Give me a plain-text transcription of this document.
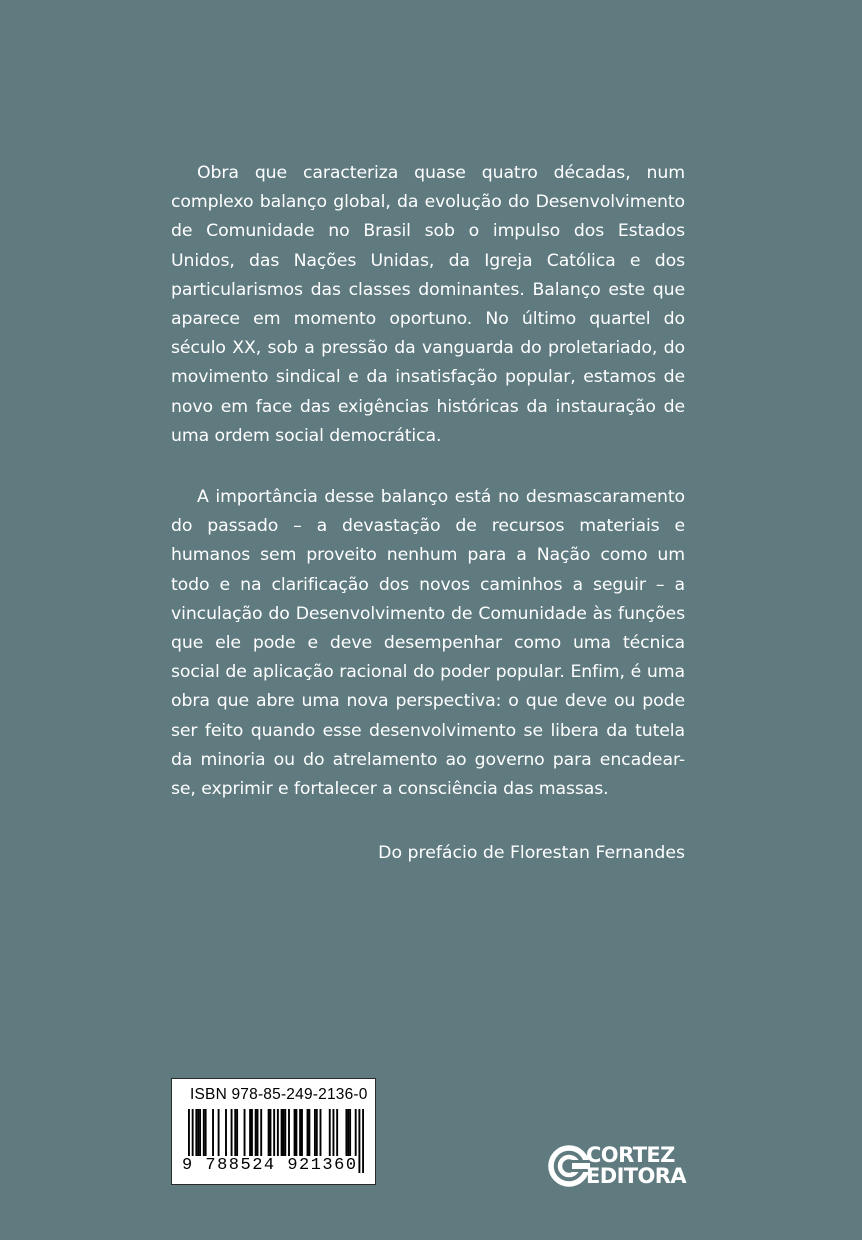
Obra que caracteriza quase quatro décadas, num complexo balanço global, da evolução do Desenvolvimento de Comunidade no Brasil sob o impulso dos Estados Unidos, das Nações Unidas, da Igreja Católica e dos particularismos das classes dominantes. Balanço este que aparece em momento oportuno. No último quartel do século XX, sob a pressão da vanguarda do proletariado, do movimento sindical e da insatisfação popular, estamos de novo em face das exigências históricas da instauração de uma ordem social democrática.

A importância desse balanço está no desmascaramento do passado – a devastação de recursos materiais e humanos sem proveito nenhum para a Nação como um todo e na clarificação dos novos caminhos a seguir – a vinculação do Desenvolvimento de Comunidade às funções que ele pode e deve desempenhar como uma técnica social de aplicação racional do poder popular. Enfim, é uma obra que abre uma nova perspectiva: o que deve ou pode ser feito quando esse desenvolvimento se libera da tutela da minoria ou do atrelamento ao governo para encadear-se, exprimir e fortalecer a consciência das massas.

Do prefácio de Florestan Fernandes

ISBN 978-85-249-2136-0
9 788524 921360	CORTEZ
EDITORA
